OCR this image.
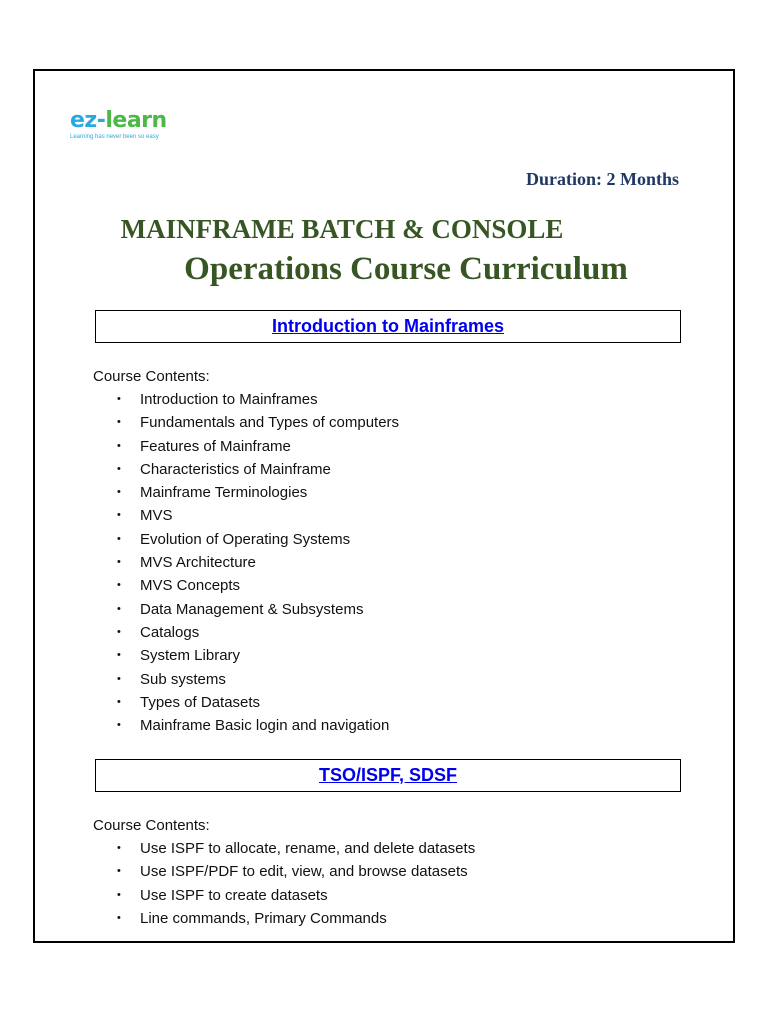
ez-learn
Learning has never been so easy
Duration: 2 Months
MAINFRAME BATCH & CONSOLE
Operations Course Curriculum
Introduction to Mainframes
Course Contents:
• Introduction to Mainframes
• Fundamentals and Types of computers
• Features of Mainframe
• Characteristics of Mainframe
• Mainframe Terminologies
• MVS
• Evolution of Operating Systems
• MVS Architecture
• MVS Concepts
• Data Management & Subsystems
• Catalogs
• System Library
• Sub systems
• Types of Datasets
• Mainframe Basic login and navigation
TSO/ISPF, SDSF
Course Contents:
• Use ISPF to allocate, rename, and delete datasets
• Use ISPF/PDF to edit, view, and browse datasets
• Use ISPF to create datasets
• Line commands, Primary Commands
